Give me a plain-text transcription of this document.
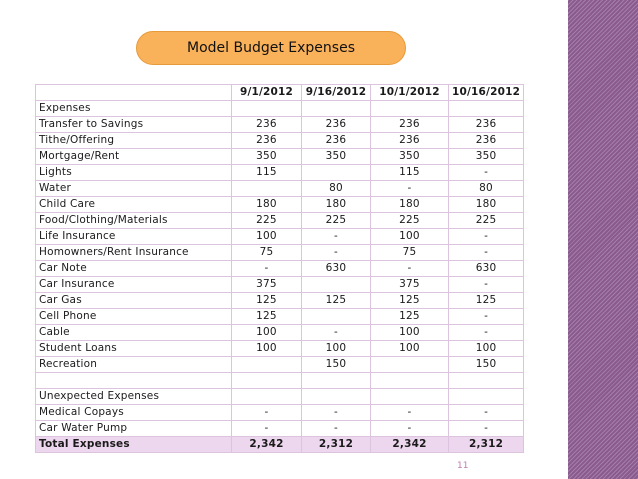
Model Budget Expenses
	9/1/2012	9/16/2012	10/1/2012	10/16/2012
Expenses				
Transfer to Savings	236	236	236	236
Tithe/Offering	236	236	236	236
Mortgage/Rent	350	350	350	350
Lights	115		115	-
Water		80	-	80
Child Care	180	180	180	180
Food/Clothing/Materials	225	225	225	225
Life Insurance	100	-	100	-
Homowners/Rent Insurance	75	-	75	-
Car Note	-	630	-	630
Car Insurance	375		375	-
Car Gas	125	125	125	125
Cell Phone	125		125	-
Cable	100	-	100	-
Student Loans	100	100	100	100
Recreation		150		150

Unexpected Expenses				
Medical Copays	-	-	-	-
Car Water Pump	-	-	-	-
Total Expenses	2,342	2,312	2,342	2,312
11
